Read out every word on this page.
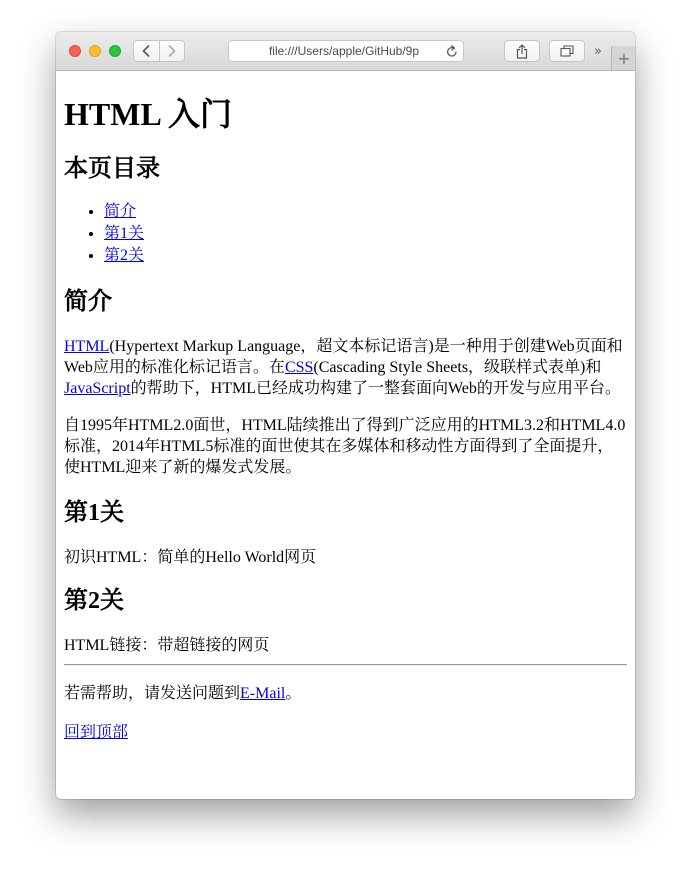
file:///Users/apple/GitHub/9p	» +
HTML 入门
本页目录
• 简介
• 第1关
• 第2关
简介

HTML(Hypertext Markup Language，超文本标记语言)是一种用于创建Web页面和Web应用的标准化标记语言。在CSS(Cascading Style Sheets，级联样式表单)和JavaScript的帮助下，HTML已经成功构建了一整套面向Web的开发与应用平台。

自1995年HTML2.0面世，HTML陆续推出了得到广泛应用的HTML3.2和HTML4.0标准，2014年HTML5标准的面世使其在多媒体和移动性方面得到了全面提升，使HTML迎来了新的爆发式发展。

第1关

初识HTML：简单的Hello World网页

第2关

HTML链接：带超链接的网页

若需帮助，请发送问题到E-Mail。

回到顶部
